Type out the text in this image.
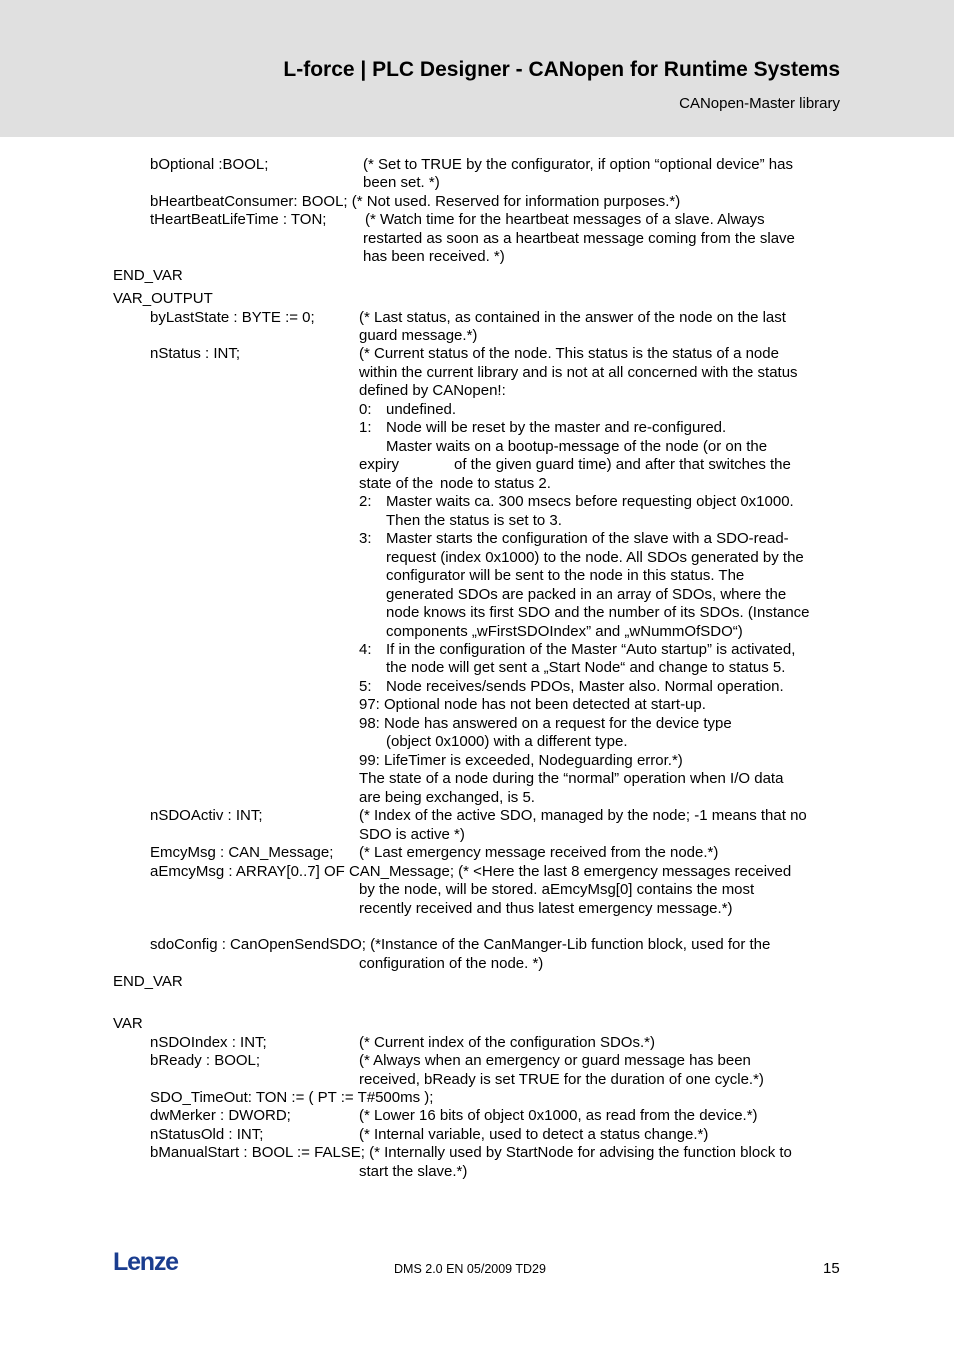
L-force | PLC Designer - CANopen for Runtime Systems
CANopen-Master library
bOptional :BOOL;	(* Set to TRUE by the configurator, if option “optional device” has
been set. *)
bHeartbeatConsumer: BOOL; (* Not used. Reserved for information purposes.*)
tHeartBeatLifeTime : TON;	(* Watch time for the heartbeat messages of a slave. Always
restarted as soon as a heartbeat message coming from the slave
has been received. *)
END_VAR
VAR_OUTPUT
byLastState : BYTE := 0;	(* Last status, as contained in the answer of the node on the last
guard message.*)
nStatus : INT;	(* Current status of the node. This status is the status of a node
within the current library and is not at all concerned with the status
defined by CANopen!:
0: undefined.
1: Node will be reset by the master and re-configured.
Master waits on a bootup-message of the node (or on the
expiry	of the given guard time) and after that switches the
state of the node to status 2.
2: Master waits ca. 300 msecs before requesting object 0x1000.
Then the status is set to 3.
3: Master starts the configuration of the slave with a SDO-read-
request (index 0x1000) to the node. All SDOs generated by the
configurator will be sent to the node in this status. The
generated SDOs are packed in an array of SDOs, where the
node knows its first SDO and the number of its SDOs. (Instance
components „wFirstSDOIndex” and „wNummOfSDO“)
4: If in the configuration of the Master “Auto startup” is activated,
the node will get sent a „Start Node“ and change to status 5.
5: Node receives/sends PDOs, Master also. Normal operation.
97: Optional node has not been detected at start-up.
98: Node has answered on a request for the device type
(object 0x1000) with a different type.
99: LifeTimer is exceeded, Nodeguarding error.*)
The state of a node during the “normal” operation when I/O data
are being exchanged, is 5.
nSDOActiv : INT;	(* Index of the active SDO, managed by the node; -1 means that no
SDO is active *)
EmcyMsg : CAN_Message; (* Last emergency message received from the node.*)
aEmcyMsg : ARRAY[0..7] OF CAN_Message; (* <Here the last 8 emergency messages received
by the node, will be stored. aEmcyMsg[0] contains the most
recently received and thus latest emergency message.*)
sdoConfig : CanOpenSendSDO; (*Instance of the CanManger-Lib function block, used for the
configuration of the node. *)
END_VAR
VAR
nSDOIndex : INT;	(* Current index of the configuration SDOs.*)
bReady : BOOL;	(* Always when an emergency or guard message has been
received, bReady is set TRUE for the duration of one cycle.*)
SDO_TimeOut: TON := ( PT := T#500ms );
dwMerker : DWORD;	(* Lower 16 bits of object 0x1000, as read from the device.*)
nStatusOld : INT;	(* Internal variable, used to detect a status change.*)
bManualStart : BOOL := FALSE; (* Internally used by StartNode for advising the function block to
start the slave.*)
Lenze	DMS 2.0 EN 05/2009 TD29	15
